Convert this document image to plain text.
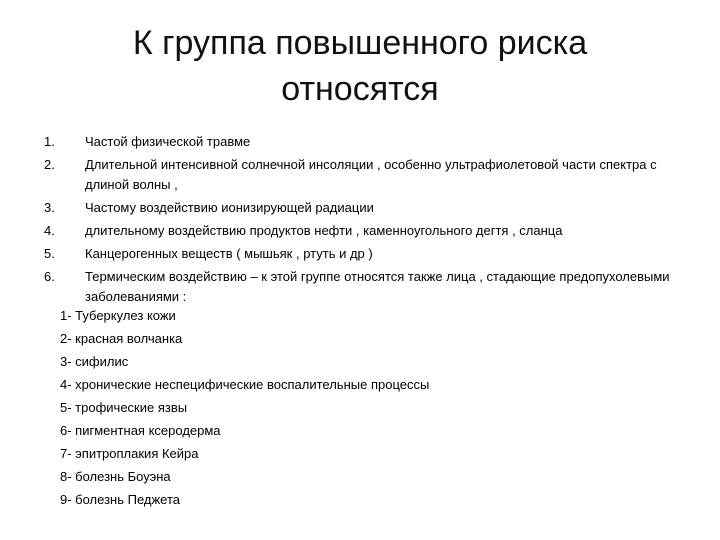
К группа повышенного риска
относятся
1.	Частой физической травме
2.	Длительной интенсивной солнечной инсоляции , особенно ультрафиолетовой части спектра с длиной волны ,
3.	Частому воздействию ионизирующей радиации
4.	длительному воздействию продуктов нефти , каменноугольного дегтя , сланца
5.	Канцерогенных веществ ( мышьяк , ртуть и др )
6.	Термическим воздействию – к этой группе относятся также лица , стадающие предопухолевыми заболеваниями :
1- Туберкулез кожи
2- красная волчанка
3- сифилис
4- хронические неспецифические воспалительные процессы
5- трофические язвы
6- пигментная ксеродерма
7- эпитроплакия Кейра
8- болезнь Боуэна
9- болезнь Педжета
